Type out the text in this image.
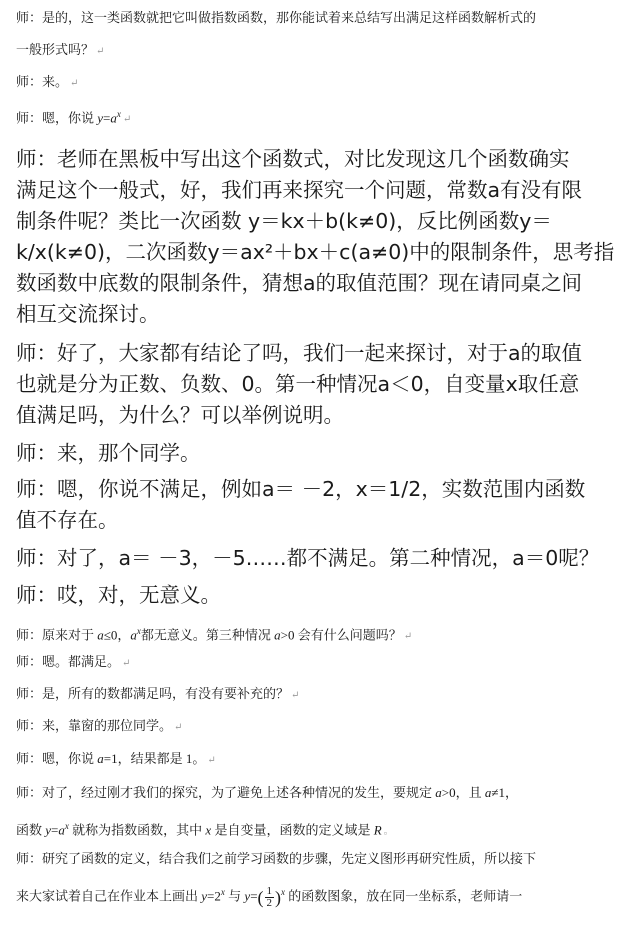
师：是的，这一类函数就把它叫做指数函数，那你能试着来总结写出满足这样函数解析式的
一般形式吗？ ↵
师：来。 ↵
师：嗯，你说 $y=a^x↵$
师：老师在黑板中写出这个函数式，对比发现这几个函数确实
满足这个一般式，好，我们再来探究一个问题，常数a有没有限
制条件呢？类比一次函数 y＝kx＋b(k≠0)，反比例函数y＝
k/x(k≠0)，二次函数y＝ax²＋bx＋c(a≠0)中的限制条件，思考指
数函数中底数的限制条件，猜想a的取值范围？现在请同桌之间
相互交流探讨。
师：好了，大家都有结论了吗，我们一起来探讨，对于a的取值
也就是分为正数、负数、0。第一种情况a＜0，自变量x取任意
值满足吗，为什么？可以举例说明。
师：来，那个同学。
师：嗯，你说不满足，例如a＝ －2，x＝1/2，实数范围内函数
值不存在。
师：对了，a＝ －3，－5……都不满足。第二种情况，a＝0呢？
师：哎，对，无意义。
师：原来对于 a≤0，$a^x$都无意义。第三种情况 a>0 会有什么问题吗？ ↵
师：嗯。都满足。 ↵
师：是，所有的数都满足吗，有没有要补充的？ ↵
师：来，靠窗的那位同学。 ↵
师：嗯，你说 a=1，结果都是 1。 ↵
师：对了，经过刚才我们的探究，为了避免上述各种情况的发生，要规定 a>0，且 a≠1，
函数 $y=a^x$ 就称为指数函数，其中 x 是自变量，函数的定义域是 R 。
师：研究了函数的定义，结合我们之前学习函数的步骤，先定义图形再研究性质，所以接下
来大家试着自己在作业本上画出 $y=2^x$ 与 $y=( \frac{1}{2} )^x$ 的函数图象，放在同一坐标系，老师请一
